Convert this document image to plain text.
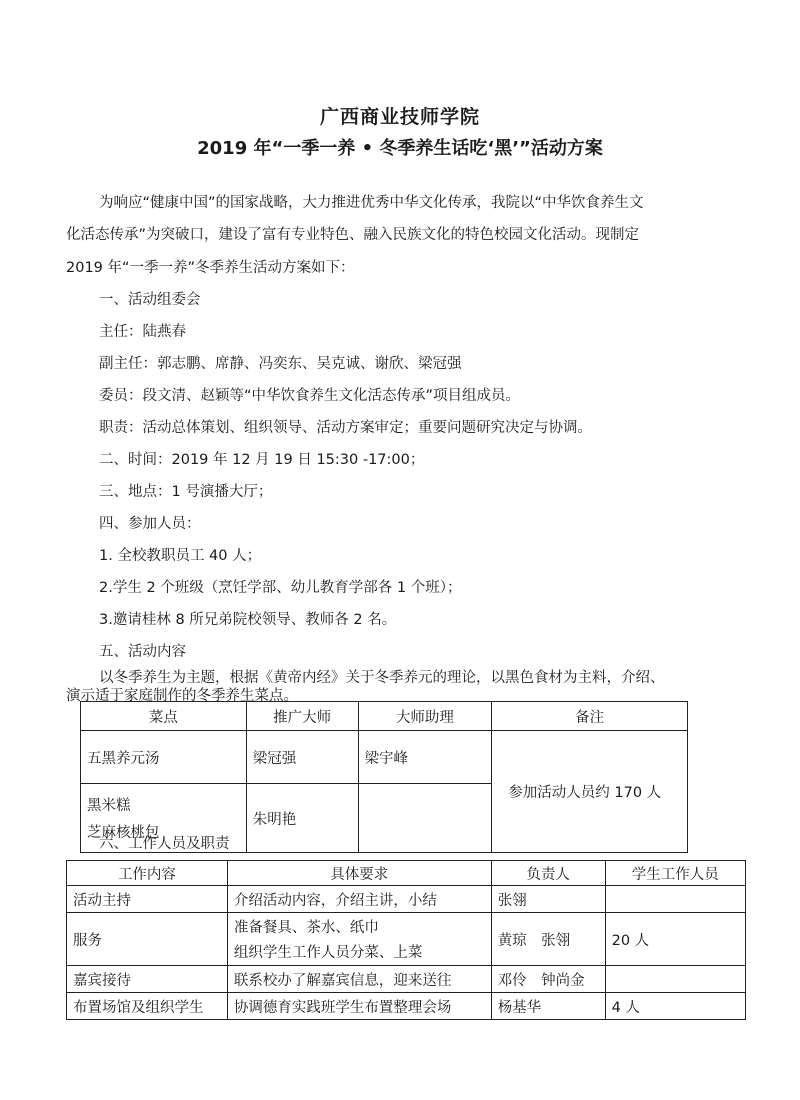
广西商业技师学院
2019 年“一季一养 • 冬季养生话吃‘黑’”活动方案
为响应“健康中国”的国家战略，大力推进优秀中华文化传承，我院以“中华饮食养生文
化活态传承”为突破口，建设了富有专业特色、融入民族文化的特色校园文化活动。现制定
2019 年“一季一养”冬季养生活动方案如下：
一、活动组委会
主任：陆燕春
副主任：郭志鹏、席静、冯奕东、吴克诚、谢欣、梁冠强
委员：段文清、赵颖等“中华饮食养生文化活态传承”项目组成员。
职责：活动总体策划、组织领导、活动方案审定；重要问题研究决定与协调。
二、时间：2019 年 12 月 19 日 15:30 -17:00；
三、地点：1 号演播大厅；
四、参加人员：
1. 全校教职员工 40 人；
2.学生 2 个班级（烹饪学部、幼儿教育学部各 1 个班）；
3.邀请桂林 8 所兄弟院校领导、教师各 2 名。
五、活动内容
以冬季养生为主题，根据《黄帝内经》关于冬季养元的理论，以黑色食材为主料，介绍、
演示适于家庭制作的冬季养生菜点。
菜点	推广大师	大师助理	备注
五黑养元汤	梁冠强	梁宇峰	参加活动人员约 170 人

黑米糕
芝麻核桃包	朱明艳		
六、工作人员及职责
工作内容	具体要求	负责人	学生工作人员
活动主持	介绍活动内容，介绍主讲，小结	张翎	
服务	准备餐具、茶水、纸巾
组织学生工作人员分菜、上菜	黄琼　张翎	20 人
嘉宾接待	联系校办了解嘉宾信息，迎来送往	邓伶　钟尚金	
布置场馆及组织学生	协调德育实践班学生布置整理会场	杨基华	4 人
